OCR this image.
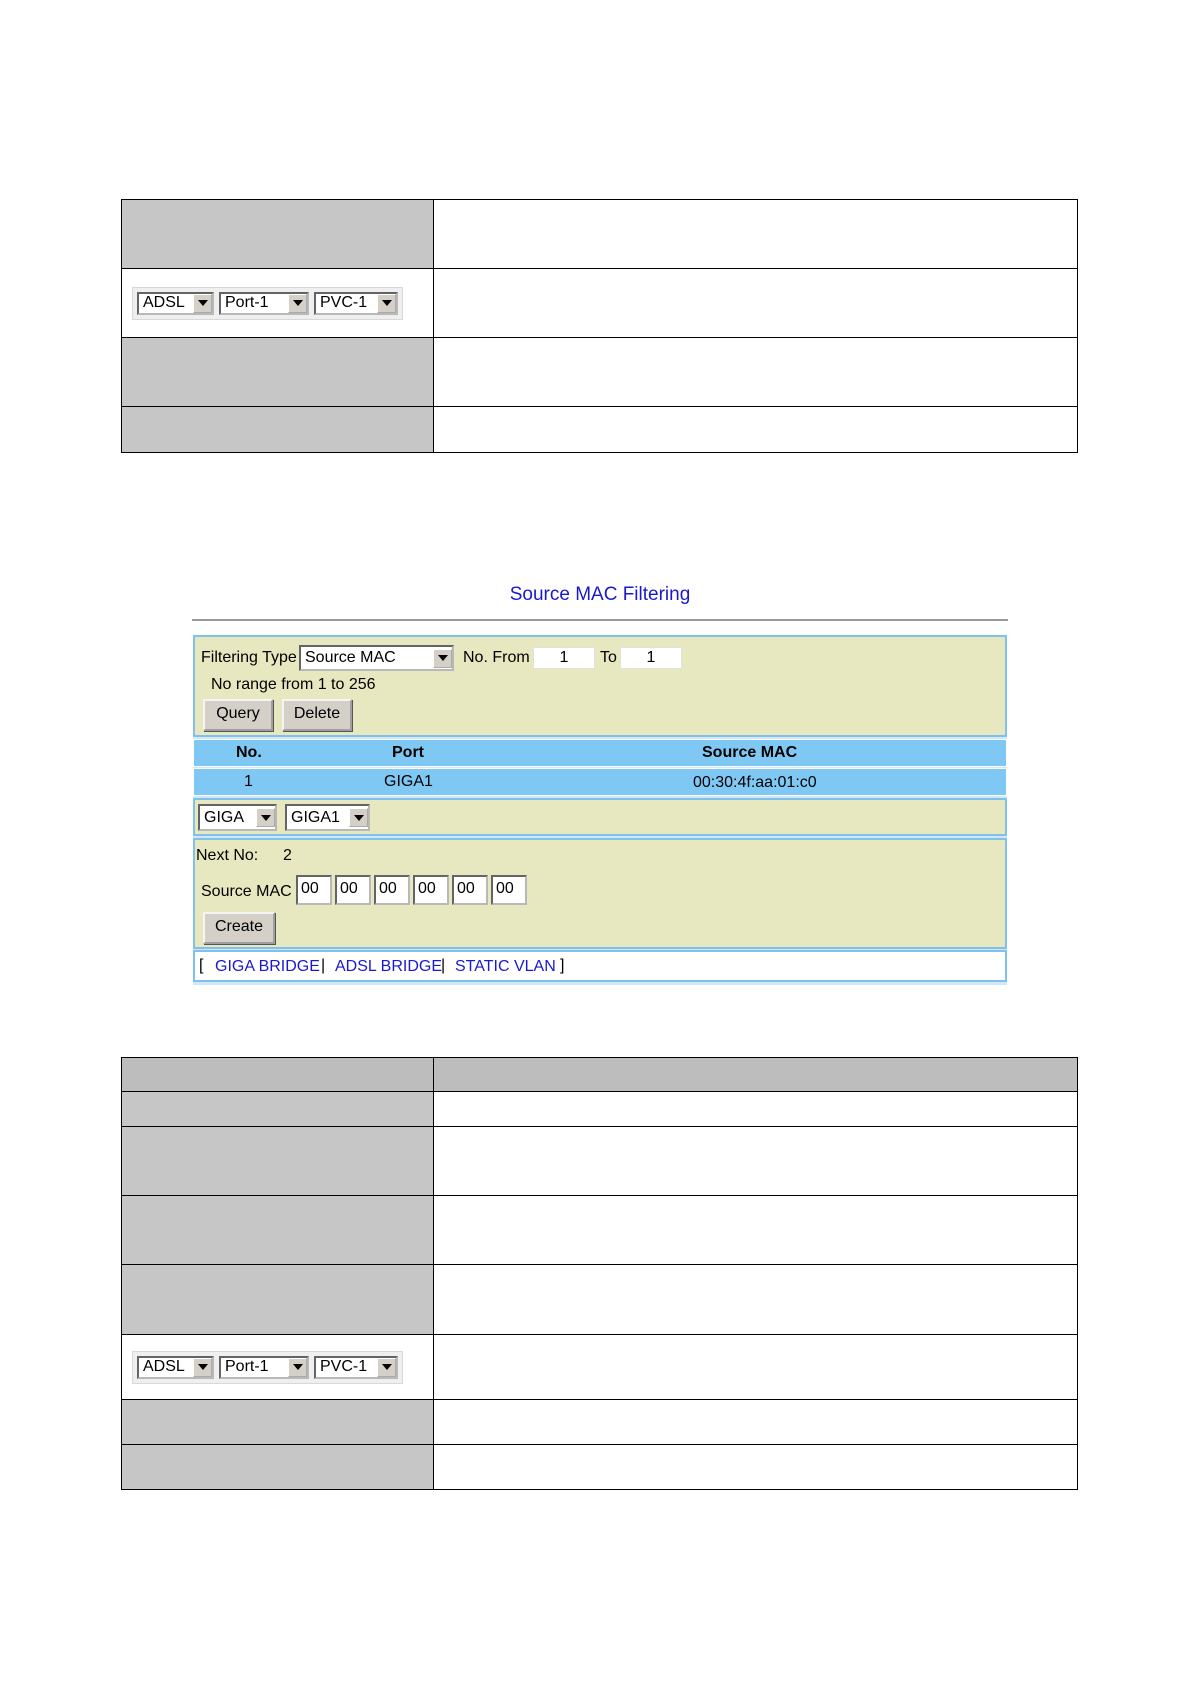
ADSL Port-1 PVC-1	

Source MAC Filtering
Filtering Type Source MAC	No. From	1	To	1
No range from 1 to 256
Query	Delete
No.	Port	Source MAC
1	GIGA1	00:30:4f:aa:01:c0
GIGA	GIGA1
Next No: 2
Source MAC 00	00	00	00	00	00
Create
[ GIGA BRIDGE | ADSL BRIDGE | STATIC VLAN ]

ADSL Port-1 PVC-1	
